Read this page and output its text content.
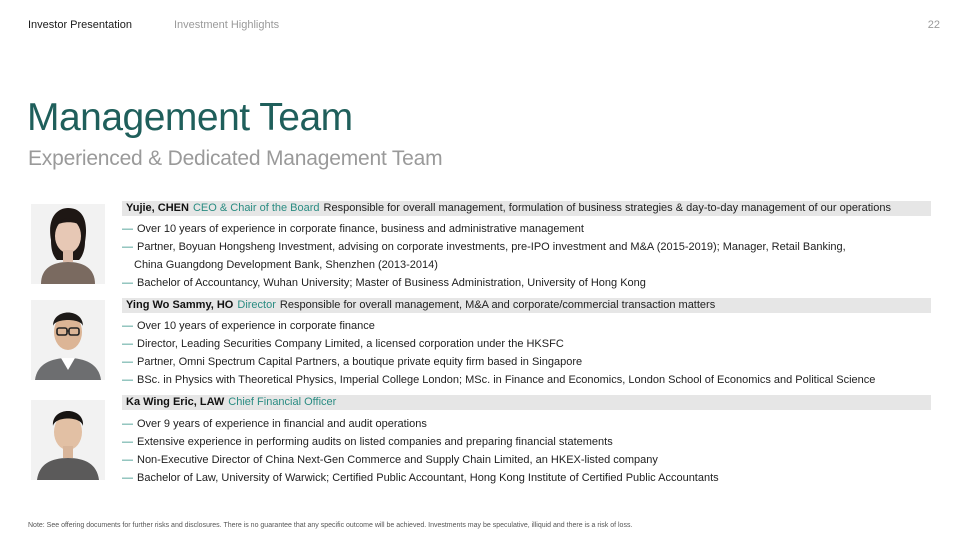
Investor Presentation	Investment Highlights	22
Management Team
Experienced & Dedicated Management Team
Yujie, CHEN CEO & Chair of the Board Responsible for overall management, formulation of business strategies & day-to-day management of our operations
— Over 10 years of experience in corporate finance, business and administrative management
— Partner, Boyuan Hongsheng Investment, advising on corporate investments, pre-IPO investment and M&A (2015-2019); Manager, Retail Banking,
China Guangdong Development Bank, Shenzhen (2013-2014)
— Bachelor of Accountancy, Wuhan University; Master of Business Administration, University of Hong Kong
Ying Wo Sammy, HO Director Responsible for overall management, M&A and corporate/commercial transaction matters
— Over 10 years of experience in corporate finance
— Director, Leading Securities Company Limited, a licensed corporation under the HKSFC
— Partner, Omni Spectrum Capital Partners, a boutique private equity firm based in Singapore
— BSc. in Physics with Theoretical Physics, Imperial College London; MSc. in Finance and Economics, London School of Economics and Political Science
Ka Wing Eric, LAW Chief Financial Officer
— Over 9 years of experience in financial and audit operations
— Extensive experience in performing audits on listed companies and preparing financial statements
— Non-Executive Director of China Next-Gen Commerce and Supply Chain Limited, an HKEX-listed company
— Bachelor of Law, University of Warwick; Certified Public Accountant, Hong Kong Institute of Certified Public Accountants
Note: See offering documents for further risks and disclosures. There is no guarantee that any specific outcome will be achieved. Investments may be speculative, illiquid and there is a risk of loss.
